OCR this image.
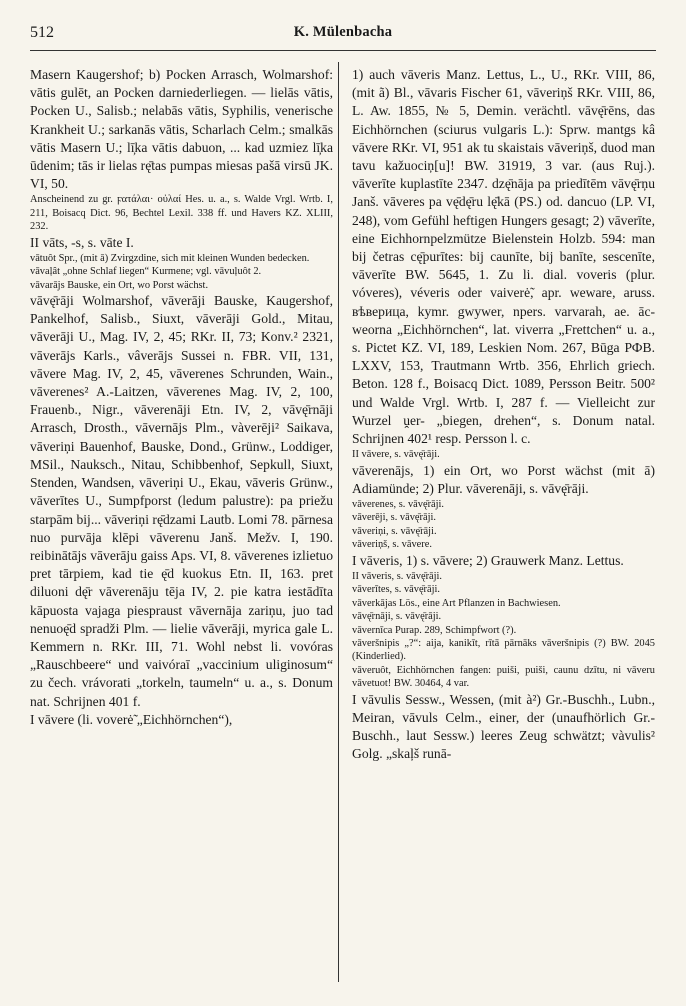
512	K. Mülenbacha

Masern Kaugershof; b) Pocken Arrasch, Wolmarshof: vātis gulēt, an Pocken darniederliegen. — lielās vātis, Pocken U., Salisb.; nelabās vātis, Syphilis, venerische Krankheit U.; sarkanās vātis, Scharlach Celm.; smalkās vātis Masern U.; lī̦ka vātis dabuon, ... kad uzmiez lī̦ka ūdenim; tās ir lielas rę̄tas pumpas miesas pašā virsū JK. VI, 50.

Anscheinend zu gr. ϝατάλαι· οὐλαί Hes. u. a., s. Walde Vrgl. Wrtb. I, 211, Boisacq Dict. 96, Bechtel Lexil. 338 ff. und Havers KZ. XLIII, 232.

II vāts, -s, s. vāte I.

vātuôt Spr., (mit ā) Zvirgzdine, sich mit kleinen Wunden bedecken.

vāvaļât „ohne Schlaf liegen“ Kurmene; vgl. vāvuļuôt 2.

vāvarājs Bauske, ein Ort, wo Porst wächst.

vāvę̄rāji Wolmarshof, vāverāji Bauske, Kaugershof, Pankelhof, Salisb., Siuxt, vāverāji Gold., Mitau, vāverāji U., Mag. IV, 2, 45; RKr. II, 73; Konv.² 2321, vāverājs Karls., vâverājs Sussei n. FBR. VII, 131, vāvere Mag. IV, 2, 45, vāverenes Schrunden, Wain., vāverenes² A.-Laitzen, vāverenes Mag. IV, 2, 100, Frauenb., Nigr., vāverenāji Etn. IV, 2, vāvę̄rnāji Arrasch, Drosth., vāvernājs Plm., vàverēji² Saikava, vāveriņi Bauenhof, Bauske, Dond., Grünw., Loddiger, MSil., Nauksch., Nitau, Schibbenhof, Sepkull, Siuxt, Stenden, Wandsen, vāveriņi U., Ekau, vāveris Grünw., vāverītes U., Sumpfporst (ledum palustre): pa priežu starpām bij... vāveriņi rę̄dzami Lautb. Lomi 78. pārnesa nuo purvāja klēpi vāverenu Janš. Mežv. I, 190. reibinātājs vāverāju gaiss Aps. VI, 8. vāverenes izlietuo pret tārpiem, kad tie ę̄d kuokus Etn. II, 163. pret diluoni dę̄r vāverenāju tēja IV, 2. pie katra iestādīta kāpuosta vajaga piespraust vāvernāja zariņu, juo tad nenuoę̄d spradži Plm. — lielie vāverāji, myrica gale L. Kemmern n. RKr. III, 71. Wohl nebst li. vovóras „Rauschbeere“ und vaivóraī „vaccinium uliginosum“ zu čech. vrávorati „torkeln, taumeln“ u. a., s. Donum nat. Schrijnen 401 f.

I vāvere (li. voverė̃ „Eichhörnchen“),

1) auch vāveris Manz. Lettus, L., U., RKr. VIII, 86, (mit ã) Bl., vāvaris Fischer 61, vāveriņš RKr. VIII, 86, L. Aw. 1855, № 5, Demin. verächtl. vāvę̄rēns, das Eichhörnchen (sciurus vulgaris L.): Sprw. mantgs kâ vāvere RKr. VI, 951 ak tu skaistais vāveriņš, duod man tavu kažuociņ[u]! BW. 31919, 3 var. (aus Ruj.). vāverīte kuplastīte 2347. dzę̄nāja pa priedītēm vāvę̄rņu Janš. vāveres pa vę̄dę̄ru lę̄kā (PS.) od. dancuo (LP. VI, 248), vom Gefühl heftigen Hungers gesagt; 2) vāverīte, eine Eichhornpelzmütze Bielenstein Holzb. 594: man bij četras cę̄purītes: bij caunīte, bij banīte, sescenīte, vāverīte BW. 5645, 1. Zu li. dial. voveris (plur. vóveres), véveris oder vaiverė̃, apr. weware, aruss. вѣверица, kymr. gwywer, npers. varvarah, ae. āc-weorna „Eichhörnchen“, lat. viverra „Frettchen“ u. a., s. Pictet KZ. VI, 189, Leskien Nom. 267, Būga РФВ. LXXV, 153, Trautmann Wrtb. 356, Ehrlich griech. Beton. 128 f., Boisacq Dict. 1089, Persson Beitr. 500² und Walde Vrgl. Wrtb. I, 287 f. — Vielleicht zur Wurzel ṷer- „biegen, drehen“, s. Donum natal. Schrijnen 402¹ resp. Persson l. c.

II vāvere, s. vāvę̄rāji.

vāverenājs, 1) ein Ort, wo Porst wächst (mit ā) Adiamünde; 2) Plur. vāverenāji, s. vāvę̄rāji.

vāverenes, s. vāvę̄rāji.

vāverēji, s. vāvę̄rāji.

vāveriņi, s. vāvę̄rāji.

vāveriņš, s. vāvere.

I vāveris, 1) s. vāvere; 2) Grauwerk Manz. Lettus.

II vāveris, s. vāvę̄rāji.

vāverītes, s. vāvę̄rāji.

vāverkājas Lös., eine Art Pflanzen in Bachwiesen.

vāvę̄rnāji, s. vāvę̄rāji.

vāvernīca Purap. 289, Schimpfwort (?).

vāveršnipis „?“: aija, kanikīt, rītā pārnāks vāveršnipis (?) BW. 2045 (Kinderlied).

vāveruôt, Eichhörnchen fangen: puiši, puiši, caunu dzītu, ni vāveru vāvetuot! BW. 30464, 4 var.

I vāvulis Sessw., Wessen, (mit à²) Gr.-Buschh., Lubn., Meiran, vāvuls Celm., einer, der (unaufhörlich Gr.-Buschh., laut Sessw.) leeres Zeug schwätzt; vàvulis² Golg. „skaļš runā-
